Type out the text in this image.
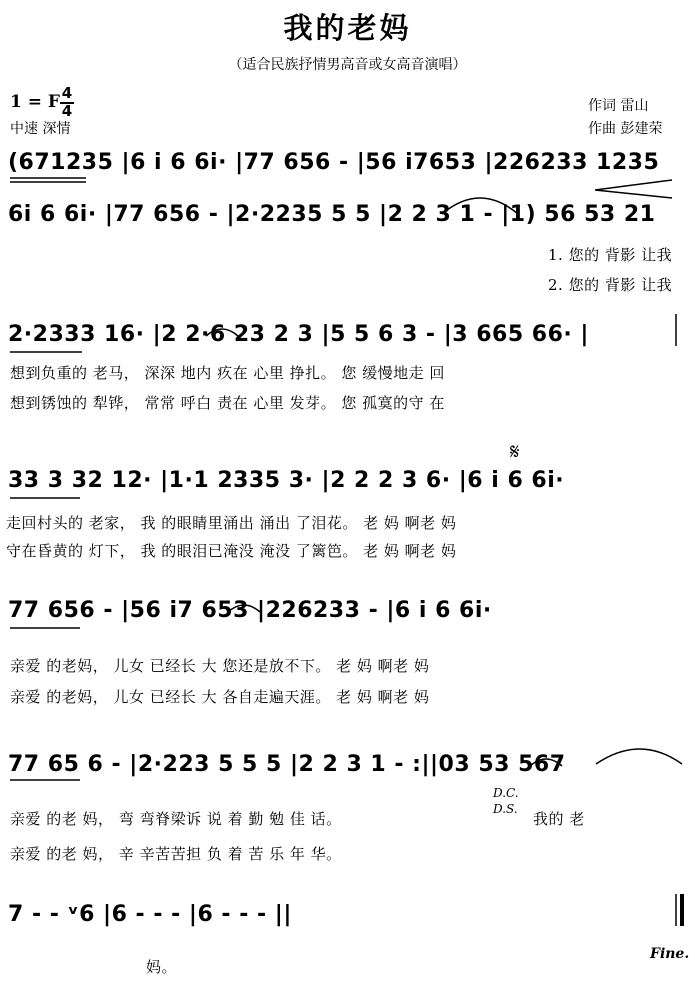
我的老妈
（适合民族抒情男高音或女高音演唱）
1 = F 4
4
中速 深情
作词 雷山
作曲 彭建荣
(671235 |6 i 6 6i· |77 656 - |56 i7653 |226233 1235
6i 6 6i· |77 656 - |2·2235 5 5 |2 2 3 1 - |1) 56 53 21
1. 您的 背影 让我
2. 您的 背影 让我
2·2333 16· |2 2·6 23 2 3 |5 5 6 3 - |3 665 66· |
想到负重的 老马， 深深 地内 疚在 心里 挣扎。 您 缓慢地走 回
想到锈蚀的 犁铧， 常常 呼白 责在 心里 发芽。 您 孤寞的守 在
𝄋
33 3 32 12· |1·1 2335 3· |2 2 2 3 6· |6 i 6 6i·
走回村头的 老家， 我 的眼睛里涌出 涌出 了泪花。 老 妈 啊老 妈
守在昏黄的 灯下， 我 的眼泪已淹没 淹没 了篱笆。 老 妈 啊老 妈
77 656 - |56 i7 653 |226233 - |6 i 6 6i·
亲爱 的老妈， 儿女 已经长 大 您还是放不下。 老 妈 啊老 妈
亲爱 的老妈， 儿女 已经长 大 各自走遍天涯。 老 妈 啊老 妈
77 65 6 - |2·223 5 5 5 |2 2 3 1 - :||03 53 567
D.C.
D.S.
亲爱 的老 妈， 弯 弯脊梁诉 说 着 勤 勉 佳 话。	我的 老
亲爱 的老 妈， 辛 辛苦苦担 负 着 苦 乐 年 华。
7 - - ᵛ6 |6 - - - |6 - - - ||
妈。
Fine.
